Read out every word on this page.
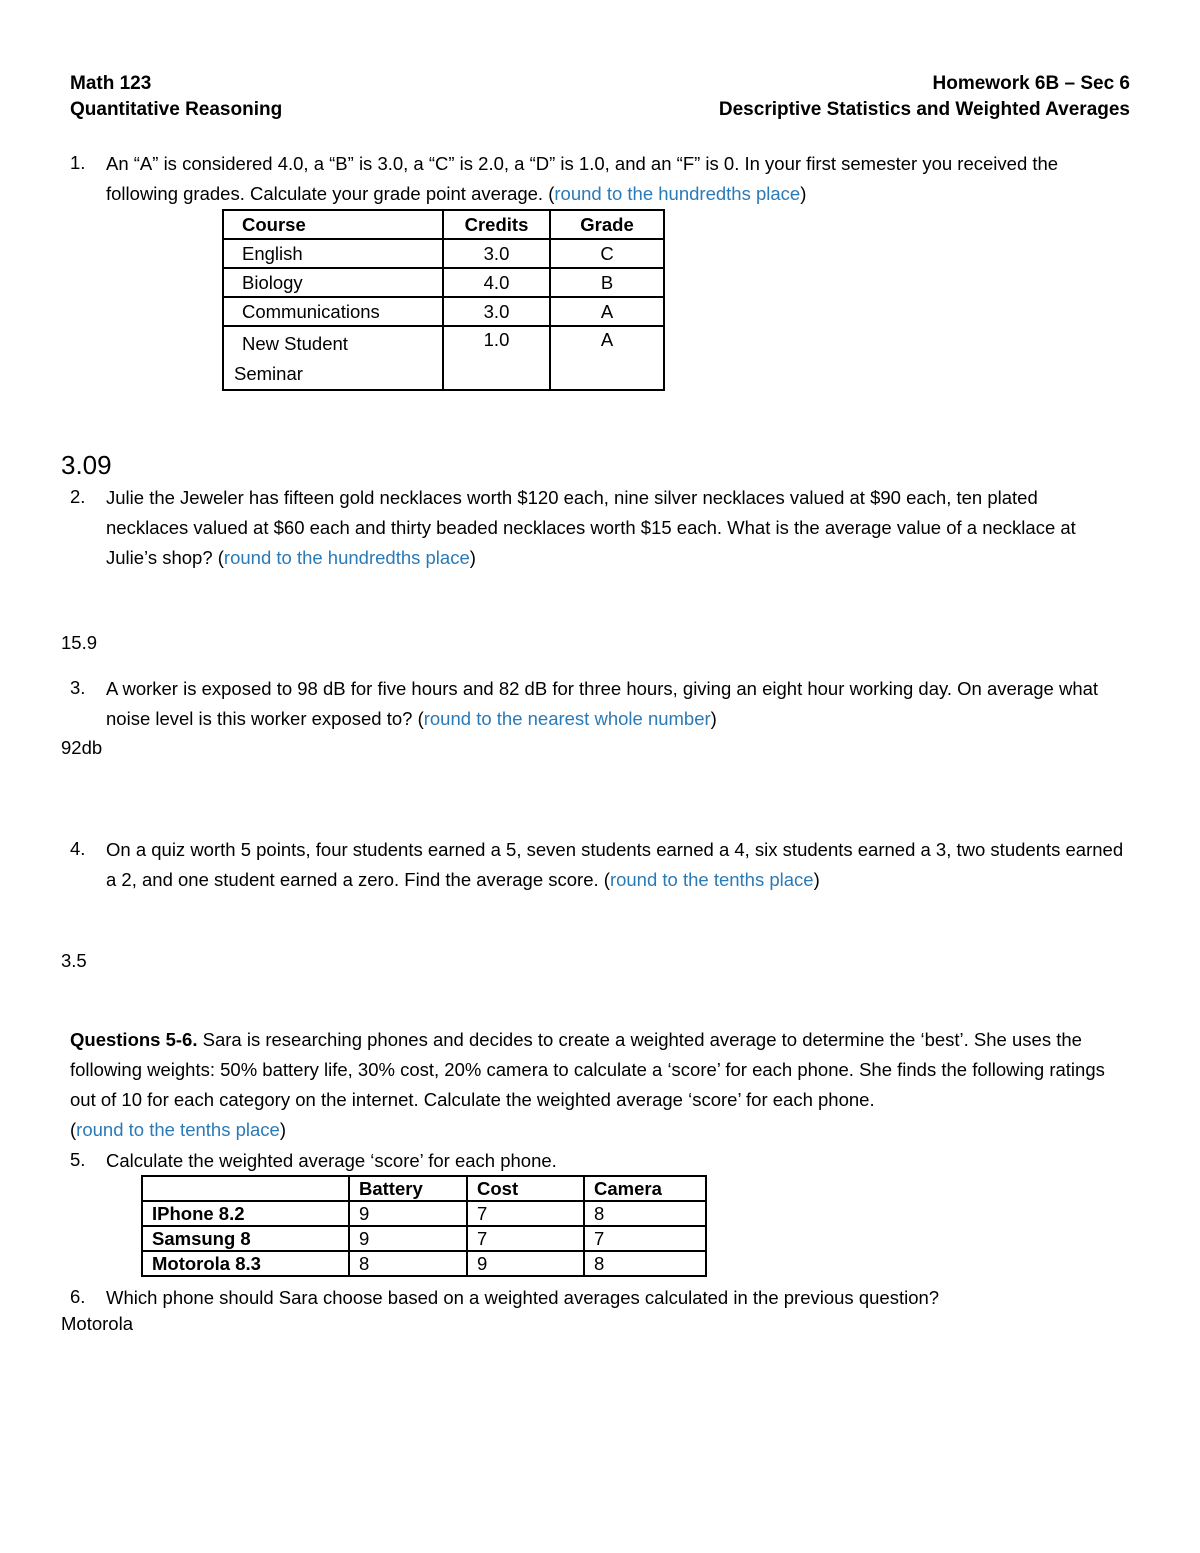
Math 123
Quantitative Reasoning
Homework 6B – Sec 6
Descriptive Statistics and Weighted Averages
1. An “A” is considered 4.0, a “B” is 3.0, a “C” is 2.0, a “D” is 1.0, and an “F” is 0. In your first semester you received the
following grades. Calculate your grade point average. (round to the hundredths place)
Course	Credits	Grade
English	3.0	C
Biology	4.0	B
Communications	3.0	A

New Student
Seminar	1.0	A
3.09
2. Julie the Jeweler has fifteen gold necklaces worth $120 each, nine silver necklaces valued at $90 each, ten plated necklaces valued at $60 each and thirty beaded necklaces worth $15 each. What is the average value of a necklace at Julie’s shop? (round to the hundredths place)
15.9
3. A worker is exposed to 98 dB for five hours and 82 dB for three hours, giving an eight hour working day. On average what noise level is this worker exposed to? (round to the nearest whole number)
92db
4. On a quiz worth 5 points, four students earned a 5, seven students earned a 4, six students earned a 3, two students earned a 2, and one student earned a zero. Find the average score. (round to the tenths place)
3.5
Questions 5-6. Sara is researching phones and decides to create a weighted average to determine the ‘best’. She uses the following weights: 50% battery life, 30% cost, 20% camera to calculate a ‘score’ for each phone. She finds the following ratings out of 10 for each category on the internet. Calculate the weighted average ‘score’ for each phone.
(round to the tenths place)
5. Calculate the weighted average ‘score’ for each phone.
	Battery	Cost	Camera
IPhone 8.2	9	7	8
Samsung 8	9	7	7
Motorola 8.3	8	9	8
6. Which phone should Sara choose based on a weighted averages calculated in the previous question?
Motorola
